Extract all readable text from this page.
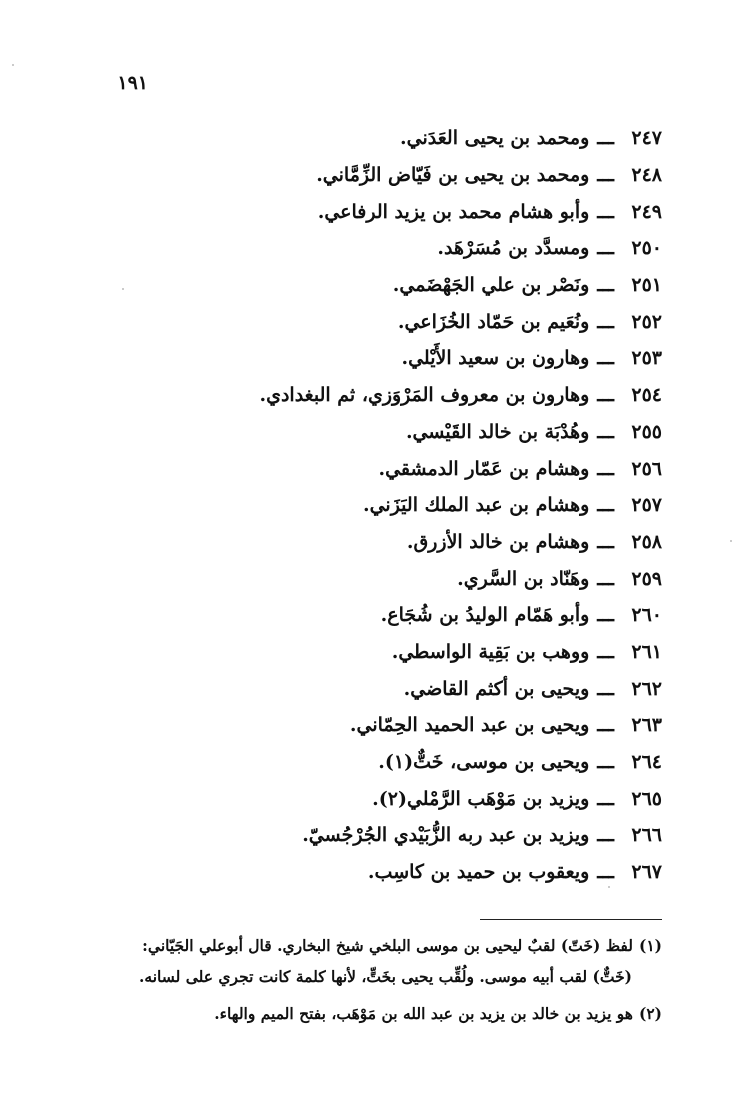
١٩١
٢٤٧
ـــ
ومحمد بن يحيى العَدَني.
٢٤٨
ـــ
ومحمد بن يحيى بن فَيّاض الزِّمَّاني.
٢٤٩
ـــ
وأبو هشام محمد بن يزيد الرفاعي.
٢٥٠
ـــ
ومسدَّد بن مُسَرْهَد.
٢٥١
ـــ
ونَصْر بن علي الجَهْضَمي.
٢٥٢
ـــ
ونُعَيم بن حَمّاد الخُزَاعي.
٢٥٣
ـــ
وهارون بن سعيد الأَيْلي.
٢٥٤
ـــ
وهارون بن معروف المَرْوَزي، ثم البغدادي.
٢٥٥
ـــ
وهُدْبَة بن خالد القَيْسي.
٢٥٦
ـــ
وهشام بن عَمّار الدمشقي.
٢٥٧
ـــ
وهشام بن عبد الملك اليَزَني.
٢٥٨
ـــ
وهشام بن خالد الأزرق.
٢٥٩
ـــ
وهَنّاد بن السَّري.
٢٦٠
ـــ
وأبو هَمّام الوليدُ بن شُجَاع.
٢٦١
ـــ
ووهب بن بَقِية الواسطي.
٢٦٢
ـــ
ويحيى بن أكثم القاضي.
٢٦٣
ـــ
ويحيى بن عبد الحميد الحِمّاني.
٢٦٤
ـــ
ويحيى بن موسى، خَتٌّ(١).
٢٦٥
ـــ
ويزيد بن مَوْهَب الرَّمْلي(٢).
٢٦٦
ـــ
ويزيد بن عبد ربه الزُّبَيْدي الجُرْجُسيّ.
٢٦٧
ـــ
ويعقوب بن حميد بن كاسِب.
(١)لفظ (خَتّ) لقبٌ ليحيى بن موسى البلخي شيخ البخاري. قال أبوعلي الجَيّاني:
(خَتٌّ) لقب أبيه موسى. ولُقِّب يحيى بخَتٍّ، لأنها كلمة كانت تجري على لسانه.
(٢)هو يزيد بن خالد بن يزيد بن عبد الله بن مَوْهَب، بفتح الميم والهاء.
